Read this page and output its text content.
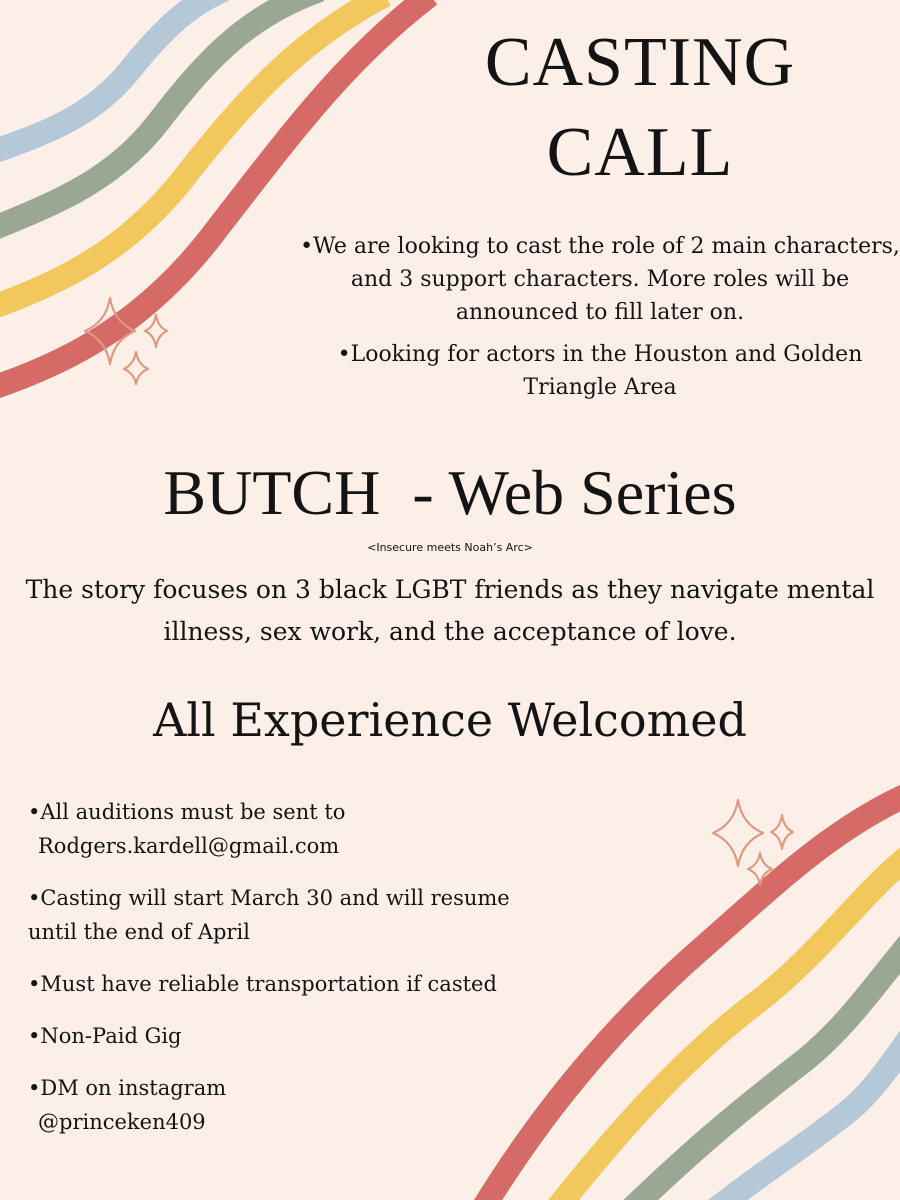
CASTING
CALL

•We are looking to cast the role of 2 main characters, and 3 support characters. More roles will be announced to fill later on.

•Looking for actors in the Houston and Golden Triangle Area

BUTCH  - Web Series
<Insecure meets Noah’s Arc>

The story focuses on 3 black LGBT friends as they navigate mental illness, sex work, and the acceptance of love.

All Experience Welcomed

•All auditions must be sent to
Rodgers.kardell@gmail.com

•Casting will start March 30 and will resume
until the end of April

•Must have reliable transportation if casted

•Non-Paid Gig

•DM on instagram
@princeken409
